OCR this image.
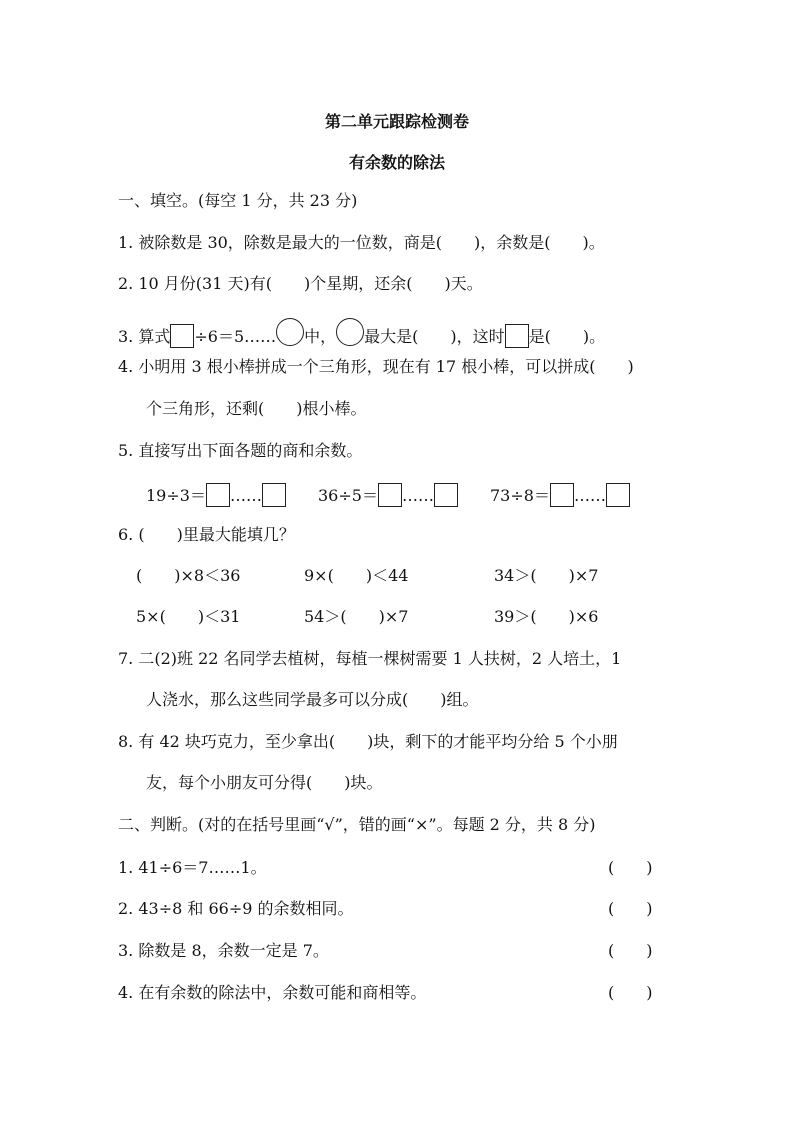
第二单元跟踪检测卷
有余数的除法
一、填空。(每空 1 分，共 23 分)
1. 被除数是 30，除数是最大的一位数，商是(　　)，余数是(　　)。
2. 10 月份(31 天)有(　　)个星期，还余(　　)天。
3. 算式 ÷6＝5…… 中， 最大是(　　)，这时 是(　　)。
4. 小明用 3 根小棒拼成一个三角形，现在有 17 根小棒，可以拼成(　　)
个三角形，还剩(　　)根小棒。
5. 直接写出下面各题的商和余数。
19÷3＝ ……	36÷5＝ ……	73÷8＝ ……
6. (　　)里最大能填几？
(　　)×8＜36	9×(　　)＜44	34＞(　　)×7
5×(　　)＜31	54＞(　　)×7	39＞(　　)×6
7. 二(2)班 22 名同学去植树，每植一棵树需要 1 人扶树，2 人培土，1
人浇水，那么这些同学最多可以分成(　　)组。
8. 有 42 块巧克力，至少拿出(　　)块，剩下的才能平均分给 5 个小朋
友，每个小朋友可分得(　　)块。
二、判断。(对的在括号里画“√”，错的画“×”。每题 2 分，共 8 分)
1. 41÷6＝7……1。	(　　)
2. 43÷8 和 66÷9 的余数相同。	(　　)
3. 除数是 8，余数一定是 7。	(　　)
4. 在有余数的除法中，余数可能和商相等。	(　　)
